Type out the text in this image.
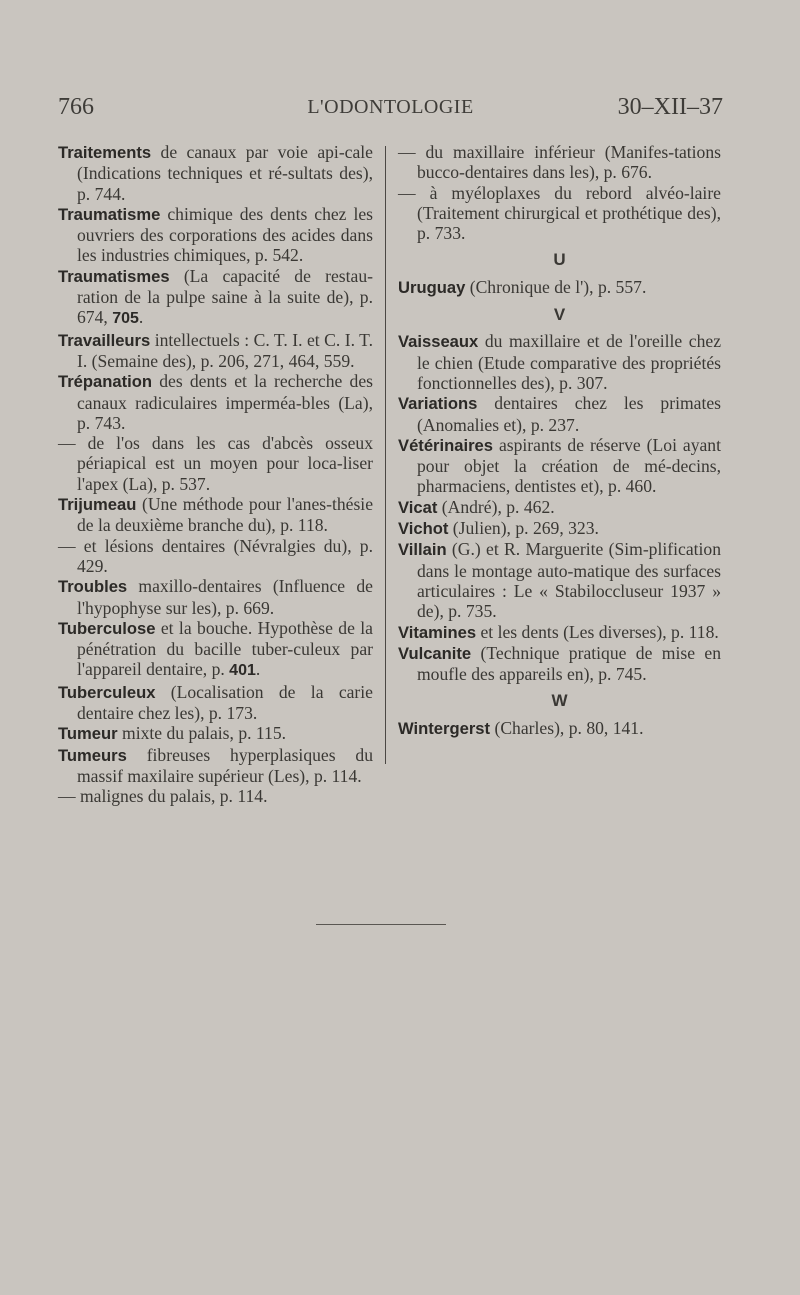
766	L'ODONTOLOGIE	30–XII–37
Traitements de canaux par voie api-cale (Indications techniques et ré-sultats des), p. 744.
Traumatisme chimique des dents chez les ouvriers des corporations des acides dans les industries chimiques, p. 542.
Traumatismes (La capacité de restau-ration de la pulpe saine à la suite de), p. 674, 705.
Travailleurs intellectuels : C. T. I. et C. I. T. I. (Semaine des), p. 206, 271, 464, 559.
Trépanation des dents et la recherche des canaux radiculaires imperméa-bles (La), p. 743.
— de l'os dans les cas d'abcès osseux périapical est un moyen pour loca-liser l'apex (La), p. 537.
Trijumeau (Une méthode pour l'anes-thésie de la deuxième branche du), p. 118.
— et lésions dentaires (Névralgies du), p. 429.
Troubles maxillo-dentaires (Influence de l'hypophyse sur les), p. 669.
Tuberculose et la bouche. Hypothèse de la pénétration du bacille tuber-culeux par l'appareil dentaire, p. 401.
Tuberculeux (Localisation de la carie dentaire chez les), p. 173.
Tumeur mixte du palais, p. 115.
Tumeurs fibreuses hyperplasiques du massif maxilaire supérieur (Les), p. 114.
— malignes du palais, p. 114.
— du maxillaire inférieur (Manifes-tations bucco-dentaires dans les), p. 676.
— à myéloplaxes du rebord alvéo-laire (Traitement chirurgical et prothétique des), p. 733.
U
Uruguay (Chronique de l'), p. 557.
V
Vaisseaux du maxillaire et de l'oreille chez le chien (Etude comparative des propriétés fonctionnelles des), p. 307.
Variations dentaires chez les primates (Anomalies et), p. 237.
Vétérinaires aspirants de réserve (Loi ayant pour objet la création de mé-decins, pharmaciens, dentistes et), p. 460.
Vicat (André), p. 462.
Vichot (Julien), p. 269, 323.
Villain (G.) et R. Marguerite (Sim-plification dans le montage auto-matique des surfaces articulaires : Le « Stabiloccluseur 1937 » de), p. 735.
Vitamines et les dents (Les diverses), p. 118.
Vulcanite (Technique pratique de mise en moufle des appareils en), p. 745.
W
Wintergerst (Charles), p. 80, 141.
